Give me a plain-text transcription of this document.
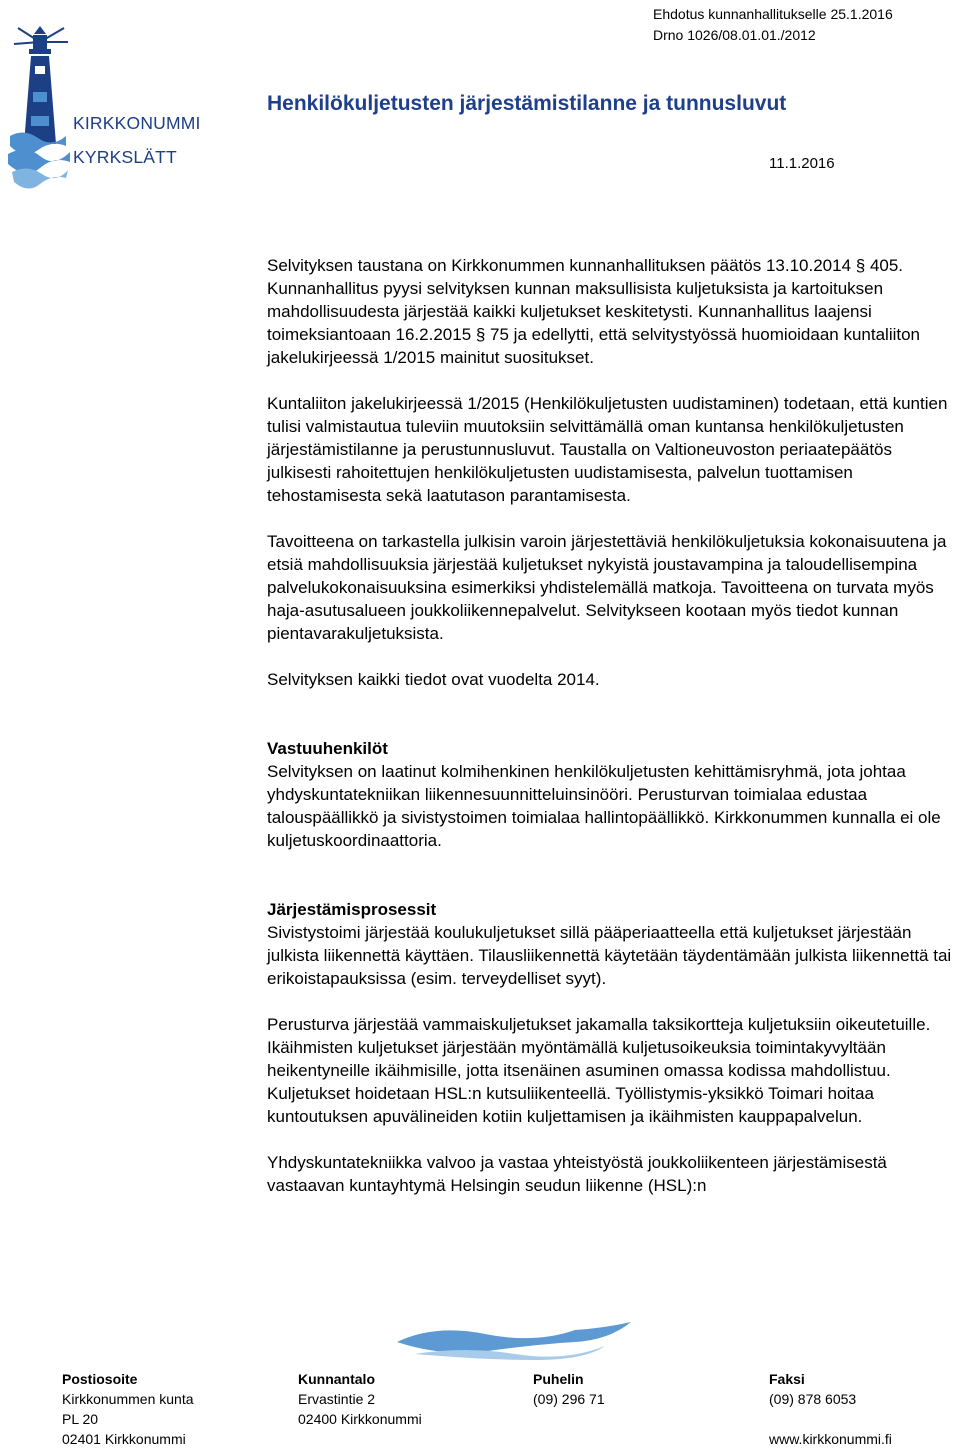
KIRKKONUMMI
KYRKSLÄTT
Ehdotus kunnanhallitukselle 25.1.2016
Drno 1026/08.01.01./2012
Henkilökuljetusten järjestämistilanne ja tunnusluvut
11.1.2016

Selvityksen taustana on Kirkkonummen kunnanhallituksen päätös 13.10.2014 § 405. Kunnanhallitus pyysi selvityksen kunnan maksullisista kuljetuksista ja kartoituksen mahdollisuudesta järjestää kaikki kuljetukset keskitetysti. Kunnanhallitus laajensi toimeksiantoaan 16.2.2015 § 75 ja edellytti, että selvitystyössä huomioidaan kuntaliiton jakelukirjeessä 1/2015 mainitut suositukset.

Kuntaliiton jakelukirjeessä 1/2015 (Henkilökuljetusten uudistaminen) todetaan, että kuntien tulisi valmistautua tuleviin muutoksiin selvittämällä oman kuntansa henkilökuljetusten järjestämistilanne ja perustunnusluvut. Taustalla on Valtioneuvoston periaatepäätös julkisesti rahoitettujen henkilökuljetusten uudistamisesta, palvelun tuottamisen tehostamisesta sekä laatutason parantamisesta.

Tavoitteena on tarkastella julkisin varoin järjestettäviä henkilökuljetuksia kokonaisuutena ja etsiä mahdollisuuksia järjestää kuljetukset nykyistä joustavampina ja taloudellisempina palvelukokonaisuuksina esimerkiksi yhdistelemällä matkoja. Tavoitteena on turvata myös haja-asutusalueen joukkoliikennepalvelut. Selvitykseen kootaan myös tiedot kunnan pientavarakuljetuksista.

Selvityksen kaikki tiedot ovat vuodelta 2014.

Vastuuhenkilöt

Selvityksen on laatinut kolmihenkinen henkilökuljetusten kehittämisryhmä, jota johtaa yhdyskuntatekniikan liikennesuunnitteluinsinööri. Perusturvan toimialaa edustaa talouspäällikkö ja sivistystoimen toimialaa hallintopäällikkö. Kirkkonummen kunnalla ei ole kuljetuskoordinaattoria.

Järjestämisprosessit

Sivistystoimi järjestää koulukuljetukset sillä pääperiaatteella että kuljetukset järjestään julkista liikennettä käyttäen. Tilausliikennettä käytetään täydentämään julkista liikennettä tai erikoistapauksissa (esim. terveydelliset syyt).

Perusturva järjestää vammaiskuljetukset jakamalla taksikortteja kuljetuksiin oikeutetuille. Ikäihmisten kuljetukset järjestään myöntämällä kuljetusoikeuksia toimintakyvyltään heikentyneille ikäihmisille, jotta itsenäinen asuminen omassa kodissa mahdollistuu. Kuljetukset hoidetaan HSL:n kutsuliikenteellä. Työllistymis-yksikkö Toimari hoitaa kuntoutuksen apuvälineiden kotiin kuljettamisen ja ikäihmisten kauppapalvelun.

Yhdyskuntatekniikka valvoo ja vastaa yhteistyöstä joukkoliikenteen järjestämisestä vastaavan kuntayhtymä Helsingin seudun liikenne (HSL):n

Postiosoite
Kirkkonummen kunta
PL 20
02401 Kirkkonummi
Kunnantalo
Ervastintie 2
02400 Kirkkonummi
Puhelin
(09) 296 71
Faksi
(09) 878 6053
www.kirkkonummi.fi
